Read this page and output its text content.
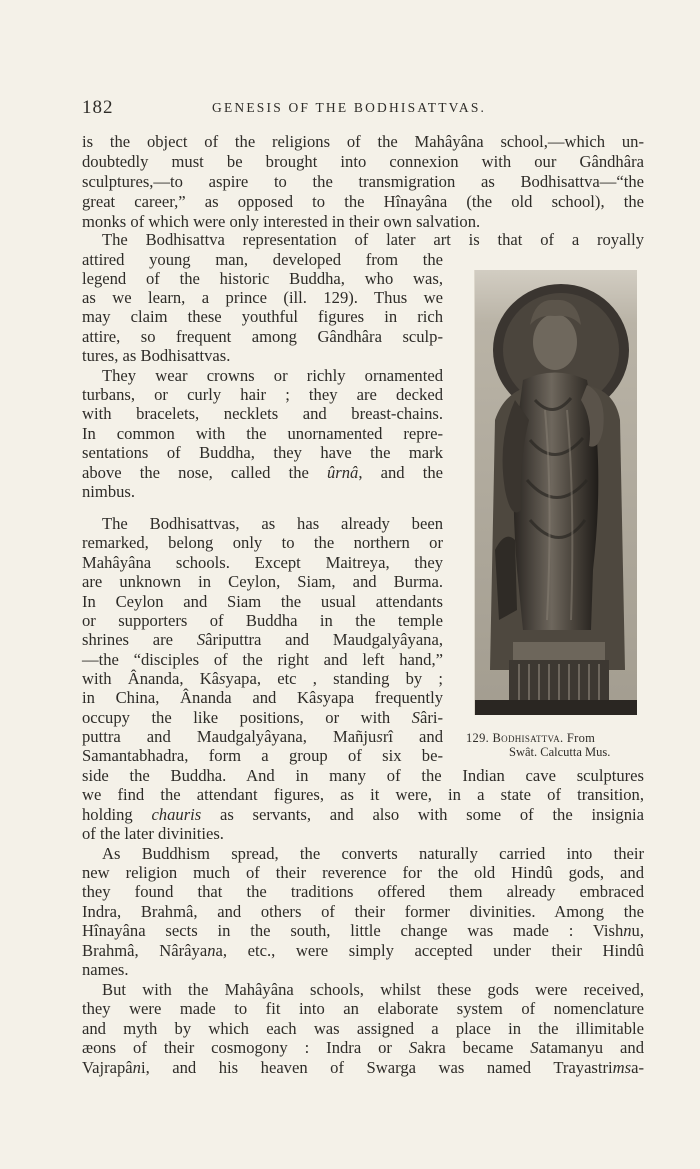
182	GENESIS OF THE BODHISATTVAS.
is the object of the religions of the Mahâyâna school,—which un-
doubtedly must be brought into connexion with our Gândhâra
sculptures,—to aspire to the transmigration as Bodhisattva—“the
great career,” as opposed to the Hînayâna (the old school), the
monks of which were only interested in their own salvation.
The Bodhisattva representation of later art is that of a royally
attired young man, developed from the
legend of the historic Buddha, who was,
as we learn, a prince (ill. 129). Thus we
may claim these youthful figures in rich
attire, so frequent among Gândhâra sculp-
tures, as Bodhisattvas.
They wear crowns or richly ornamented
turbans, or curly hair ; they are decked
with bracelets, necklets and breast-chains.
In common with the unornamented repre-
sentations of Buddha, they have the mark
above the nose, called the ûrnâ, and the
nimbus.
The Bodhisattvas, as has already been
remarked, belong only to the northern or
Mahâyâna schools. Except Maitreya, they
are unknown in Ceylon, Siam, and Burma.
In Ceylon and Siam the usual attendants
or supporters of Buddha in the temple
shrines are Sâriputtra and Maudgalyâyana,
—the “disciples of the right and left hand,”
with Ânanda, Kâsyapa, etc , standing by ;
in China, Ânanda and Kâsyapa frequently
occupy the like positions, or with Sâri-
puttra and Maudgalyâyana, Mañjusrî and
Samantabhadra, form a group of six be-
side the Buddha. And in many of the Indian cave sculptures
we find the attendant figures, as it were, in a state of transition,
holding chauris as servants, and also with some of the insignia
of the later divinities.
As Buddhism spread, the converts naturally carried into their
new religion much of their reverence for the old Hindû gods, and
they found that the traditions offered them already embraced
Indra, Brahmâ, and others of their former divinities. Among the
Hînayâna sects in the south, little change was made : Vishnu,
Brahmâ, Nârâyana, etc., were simply accepted under their Hindû
names.
But with the Mahâyâna schools, whilst these gods were received,
they were made to fit into an elaborate system of nomenclature
and myth by which each was assigned a place in the illimitable
æons of their cosmogony : Indra or Sakra became Satamanyu and
Vajrapâni, and his heaven of Swarga was named Trayastrimsa-
129. Bodhisattva. From
Swât. Calcutta Mus.
